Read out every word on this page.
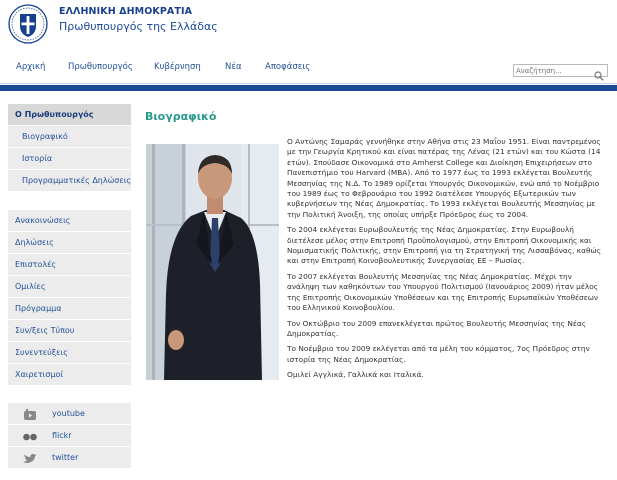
ΕΛΛΗΝΙΚΗ ΔΗΜΟΚΡΑΤΙΑ
Πρωθυπουργός της Ελλάδας
Αρχική	Πρωθυπουργός Κυβέρνηση	Νέα	Αποφάσεις
Αναζήτηση...
Ο Πρωθυπουργός
Βιογραφικό
Ιστορία
Προγραμματικές Δηλώσεις
Ανακοινώσεις
Δηλώσεις
Επιστολές
Ομιλίες
Πρόγραμμα
Συν/ξεις Τύπου
Συνεντεύξεις
Χαιρετισμοί
youtube
flickr
twitter
Βιογραφικό

Ο Αντώνης Σαμαράς γεννήθηκε στην Αθήνα στις 23 Μαΐου 1951. Είναι παντρεμένος με την Γεωργία Κρητικού και είναι πατέρας της Λένας (21 ετών) και του Κώστα (14 ετών). Σπούδασε Οικονομικά στο Amherst College και Διοίκηση Επιχειρήσεων στο Πανεπιστήμιο του Harvard (MBA). Από το 1977 έως το 1993 εκλέγεται Βουλευτής Μεσσηνίας της Ν.Δ. Το 1989 ορίζεται Υπουργός Οικονομικών, ενώ από το Νοέμβριο του 1989 έως το Φεβρουάριο του 1992 διατέλεσε Υπουργός Εξωτερικών των κυβερνήσεων της Νέας Δημοκρατίας. Το 1993 εκλέγεται Βουλευτής Μεσσηνίας με την Πολιτική Άνοιξη, της οποίας υπήρξε Πρόεδρος έως το 2004.

Το 2004 εκλέγεται Ευρωβουλευτής της Νέας Δημοκρατίας. Στην Ευρωβουλή διετέλεσε μέλος στην Επιτροπή Προϋπολογισμού, στην Επιτροπή Οικονομικής και Νομισματικής Πολιτικής, στην Επιτροπή για τη Στρατηγική της Λισσαβόνας, καθώς και στην Επιτροπή Κοινοβουλευτικής Συνεργασίας ΕΕ – Ρωσίας.

Το 2007 εκλέγεται Βουλευτής Μεσσηνίας της Νέας Δημοκρατίας. Μέχρι την ανάληψη των καθηκόντων του Υπουργού Πολιτισμού (Ιανουάριος 2009) ήταν μέλος της Επιτροπής Οικονομικών Υποθέσεων και της Επιτροπής Ευρωπαϊκών Υποθέσεων του Ελληνικού Κοινοβουλίου.

Τον Οκτώβριο του 2009 επανεκλέγεται πρώτος Βουλευτής Μεσσηνίας της Νέας Δημοκρατίας.

Το Νοέμβριο του 2009 εκλέγεται από τα μέλη του κόμματος, 7ος Πρόεδρος στην ιστορία της Νέας Δημοκρατίας.

Ομιλεί Αγγλικά, Γαλλικά και Ιταλικά.
